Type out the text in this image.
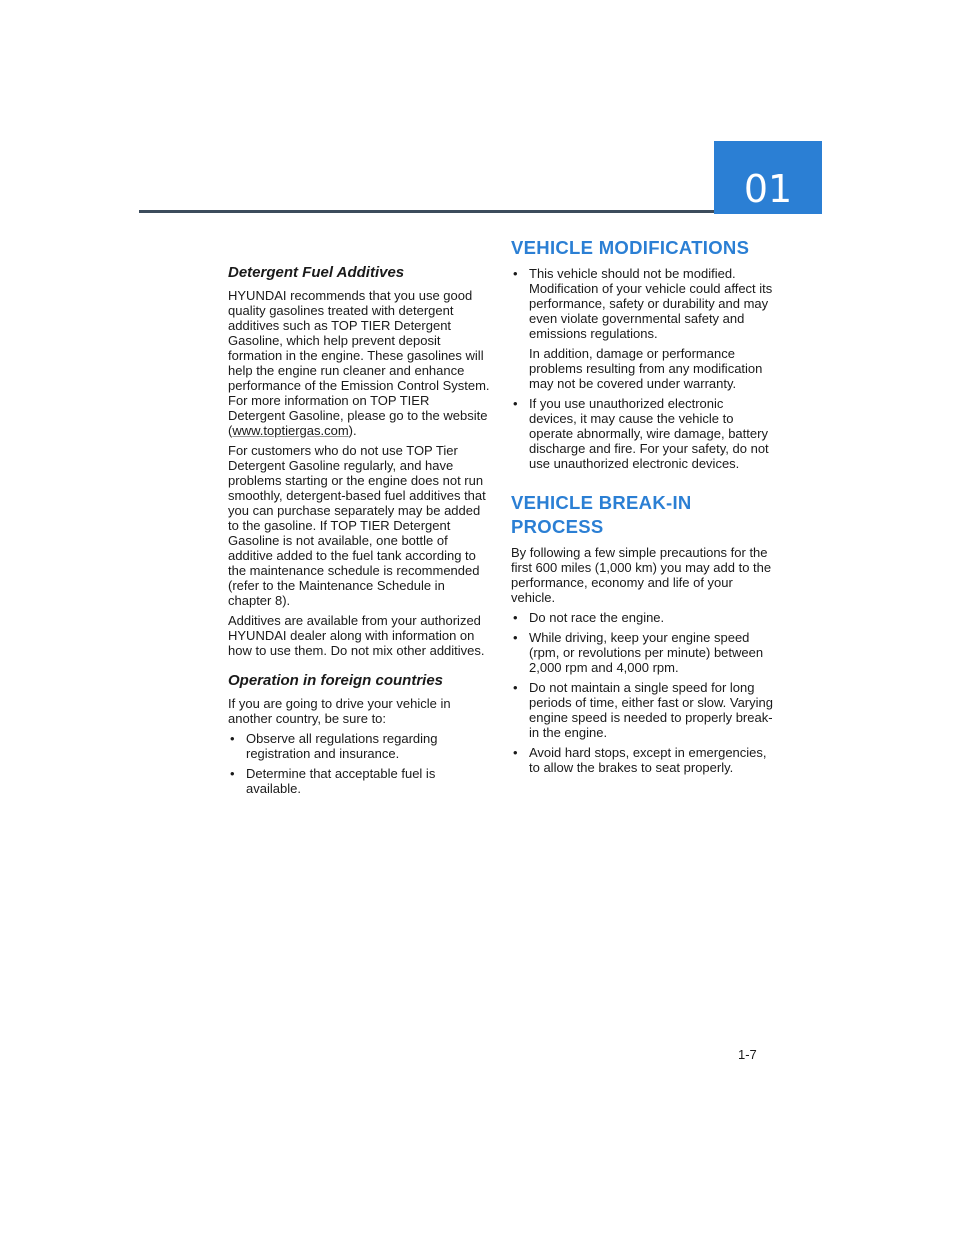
01
Detergent Fuel Additives

HYUNDAI recommends that you use good quality gasolines treated with detergent additives such as TOP TIER Detergent Gasoline, which help prevent deposit formation in the engine. These gasolines will help the engine run cleaner and enhance performance of the Emission Control System. For more information on TOP TIER Detergent Gasoline, please go to the website (www.toptiergas.com).

For customers who do not use TOP Tier Detergent Gasoline regularly, and have problems starting or the engine does not run smoothly, detergent-based fuel additives that you can purchase separately may be added to the gasoline. If TOP TIER Detergent Gasoline is not available, one bottle of additive added to the fuel tank according to the maintenance schedule is recommended (refer to the Maintenance Schedule in chapter 8).

Additives are available from your authorized HYUNDAI dealer along with information on how to use them. Do not mix other additives.

Operation in foreign countries

If you are going to drive your vehicle in another country, be sure to:

• Observe all regulations regarding registration and insurance.
• Determine that acceptable fuel is available.
VEHICLE MODIFICATIONS
• This vehicle should not be modified. Modification of your vehicle could affect its performance, safety or durability and may even violate governmental safety and emissions regulations.
In addition, damage or performance problems resulting from any modification may not be covered under warranty.
• If you use unauthorized electronic devices, it may cause the vehicle to operate abnormally, wire damage, battery discharge and fire. For your safety, do not use unauthorized electronic devices.
VEHICLE BREAK-IN
PROCESS

By following a few simple precautions for the first 600 miles (1,000 km) you may add to the performance, economy and life of your vehicle.

• Do not race the engine.
• While driving, keep your engine speed (rpm, or revolutions per minute) between 2,000 rpm and 4,000 rpm.
• Do not maintain a single speed for long periods of time, either fast or slow. Varying engine speed is needed to properly break-in the engine.
• Avoid hard stops, except in emergencies, to allow the brakes to seat properly.
1-7
